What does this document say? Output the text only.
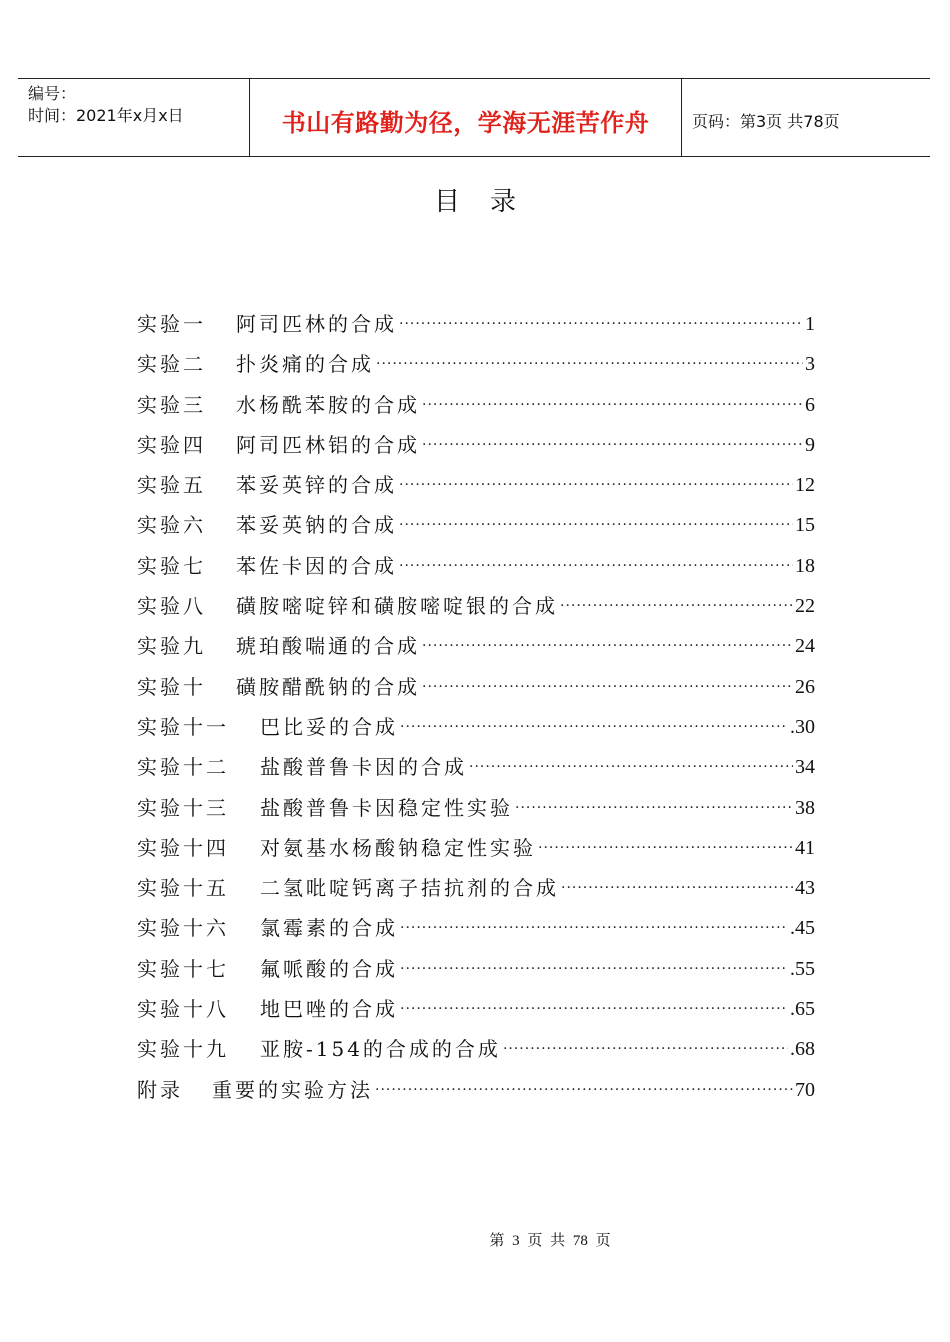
编号：
时间：2021年x月x日	书山有路勤为径，学海无涯苦作舟	页码：第3页 共78页
目录
实验一	阿司匹林的合成 ·····	1
实验二	扑炎痛的合成 ·····	3
实验三	水杨酰苯胺的合成 ·····	6
实验四	阿司匹林铝的合成 ·····	9
实验五	苯妥英锌的合成 ·····	12
实验六	苯妥英钠的合成 ·····	15
实验七	苯佐卡因的合成 ·····	18
实验八	磺胺嘧啶锌和磺胺嘧啶银的合成 ·····	22
实验九	琥珀酸喘通的合成 ·····	24
实验十	磺胺醋酰钠的合成 ·····	26
实验十一	巴比妥的合成 ·····	.30
实验十二	盐酸普鲁卡因的合成 ·····	34
实验十三	盐酸普鲁卡因稳定性实验 ·····	38
实验十四	对氨基水杨酸钠稳定性实验 ·····	41
实验十五	二氢吡啶钙离子拮抗剂的合成 ·····	43
实验十六	氯霉素的合成 ·····	.45
实验十七	氟哌酸的合成 ·····	.55
实验十八	地巴唑的合成 ·····	.65
实验十九	亚胺-154的合成的合成 ·····	.68
附录	重要的实验方法 ·····	70
第 3 页 共 78 页
